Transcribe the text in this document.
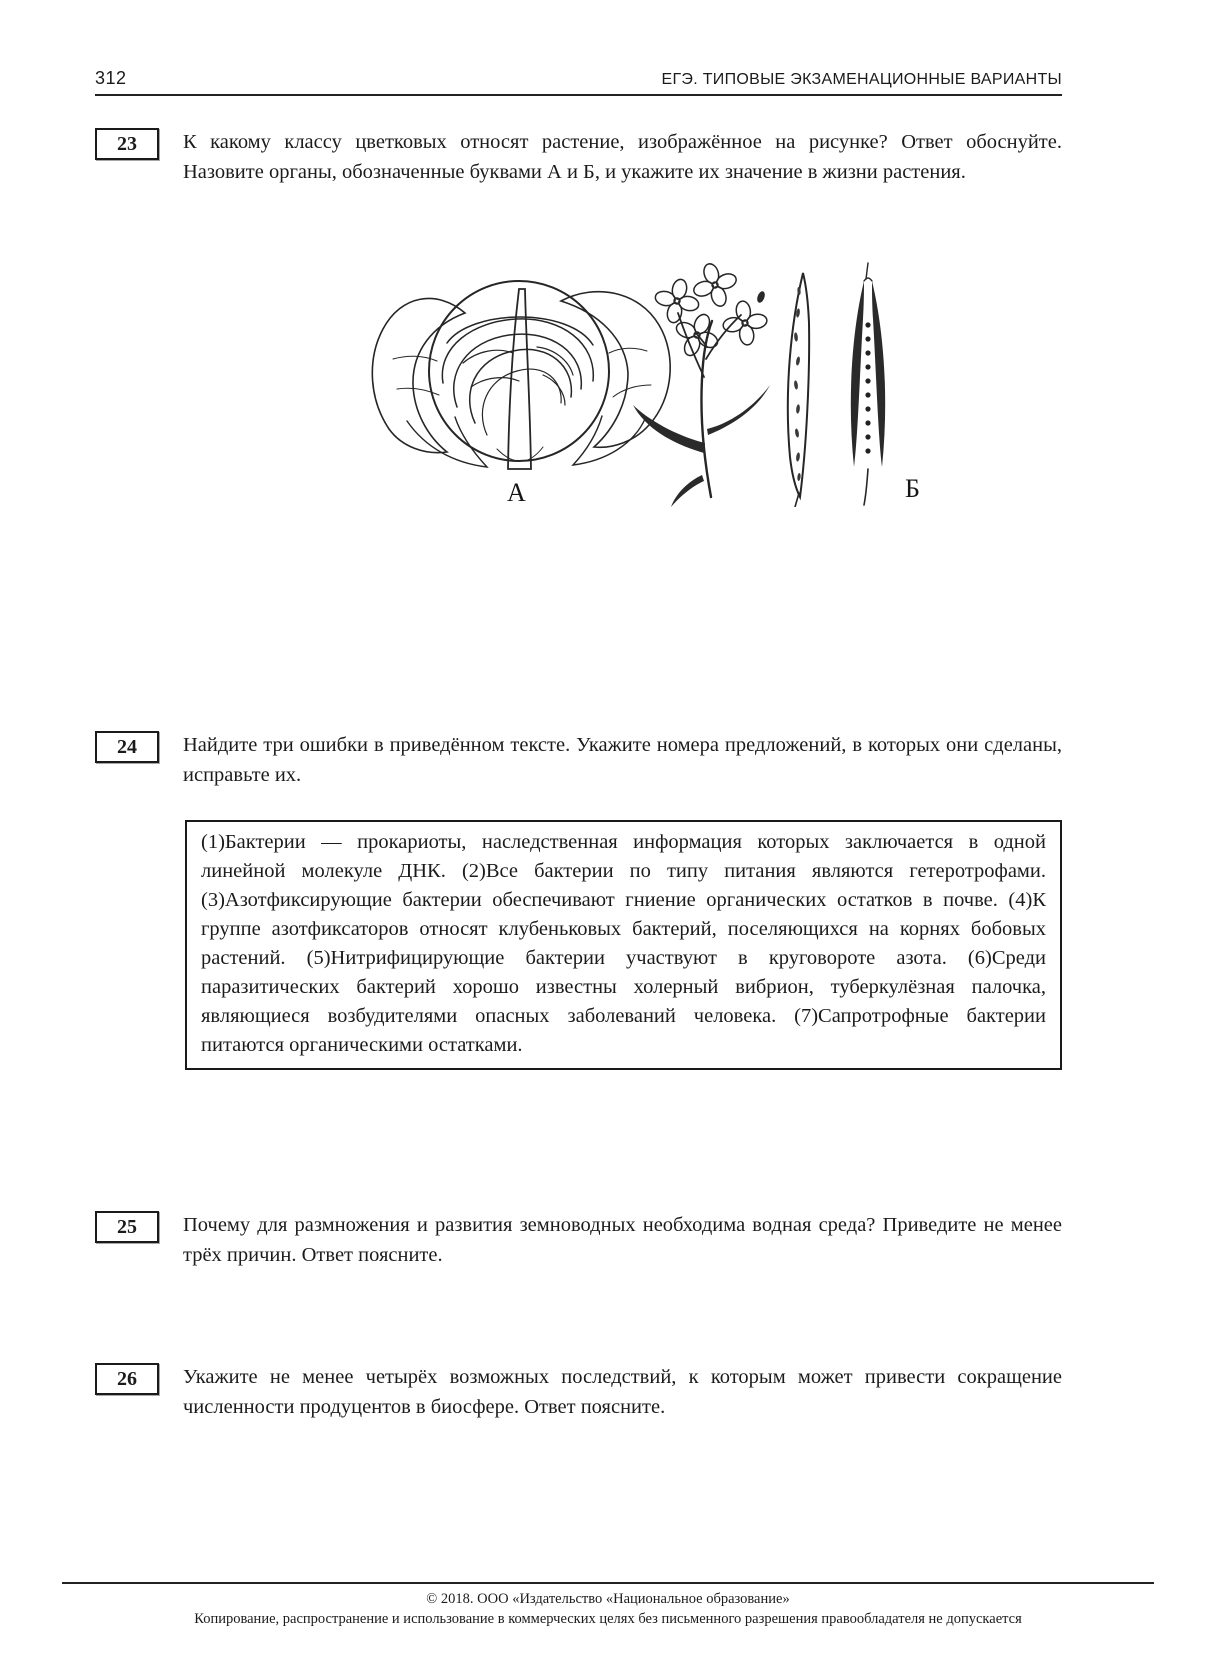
312	ЕГЭ. ТИПОВЫЕ ЭКЗАМЕНАЦИОННЫЕ ВАРИАНТЫ
23	К какому классу цветковых относят растение, изображённое на рисунке? Ответ обоснуйте. Назовите органы, обозначенные буквами А и Б, и укажите их значение в жизни растения.
А	Б
24	Найдите три ошибки в приведённом тексте. Укажите номера предложений, в которых они сделаны, исправьте их.
(1)Бактерии — прокариоты, наследственная информация которых заключается в одной линейной молекуле ДНК. (2)Все бактерии по типу питания являются гетеротрофами. (3)Азотфиксирующие бактерии обеспечивают гниение органических остатков в почве. (4)К группе азотфиксаторов относят клубеньковых бактерий, поселяющихся на корнях бобовых растений. (5)Нитрифицирующие бактерии участвуют в круговороте азота. (6)Среди паразитических бактерий хорошо известны холерный вибрион, туберкулёзная палочка, являющиеся возбудителями опасных заболеваний человека. (7)Сапротрофные бактерии питаются органическими остатками.
25	Почему для размножения и развития земноводных необходима водная среда? Приведите не менее трёх причин. Ответ поясните.
26	Укажите не менее четырёх возможных последствий, к которым может привести сокращение численности продуцентов в биосфере. Ответ поясните.
© 2018. ООО «Издательство «Национальное образование»
Копирование, распространение и использование в коммерческих целях без письменного разрешения правообладателя не допускается
